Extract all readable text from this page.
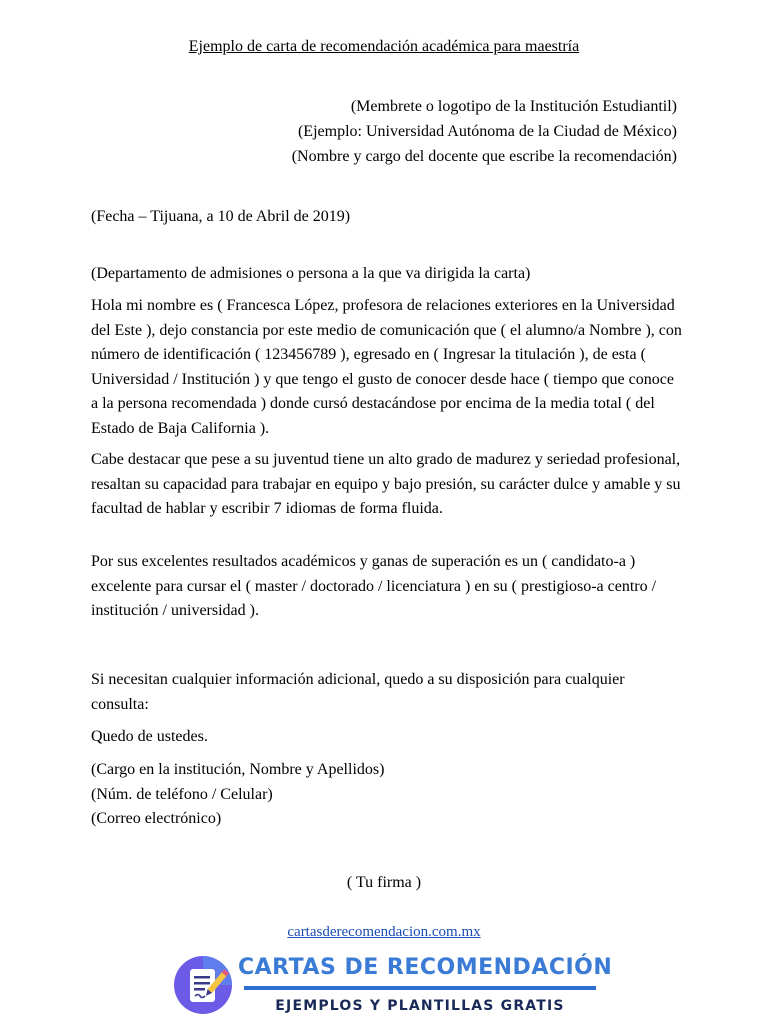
Ejemplo de carta de recomendación académica para maestría
(Membrete o logotipo de la Institución Estudiantil)
(Ejemplo: Universidad Autónoma de la Ciudad de México)
(Nombre y cargo del docente que escribe la recomendación)
(Fecha – Tijuana, a 10 de Abril de 2019)
(Departamento de admisiones o persona a la que va dirigida la carta)
Hola mi nombre es ( Francesca López, profesora de relaciones exteriores en la Universidad del Este ), dejo constancia por este medio de comunicación que ( el alumno/a Nombre ), con número de identificación ( 123456789 ), egresado en ( Ingresar la titulación ), de esta ( Universidad / Institución ) y que tengo el gusto de conocer desde hace ( tiempo que conoce a la persona recomendada ) donde cursó destacándose por encima de la media total ( del Estado de Baja California ).
Cabe destacar que pese a su juventud tiene un alto grado de madurez y seriedad profesional, resaltan su capacidad para trabajar en equipo y bajo presión, su carácter dulce y amable y su facultad de hablar y escribir 7 idiomas de forma fluida.
Por sus excelentes resultados académicos y ganas de superación es un ( candidato-a ) excelente para cursar el ( master / doctorado / licenciatura ) en su ( prestigioso-a centro / institución / universidad ).
Si necesitan cualquier información adicional, quedo a su disposición para cualquier consulta:
Quedo de ustedes.
(Cargo en la institución, Nombre y Apellidos)
(Núm. de teléfono / Celular)
(Correo electrónico)
( Tu firma )
cartasderecomendacion.com.mx
CARTAS DE RECOMENDACIÓN
EJEMPLOS Y PLANTILLAS GRATIS
